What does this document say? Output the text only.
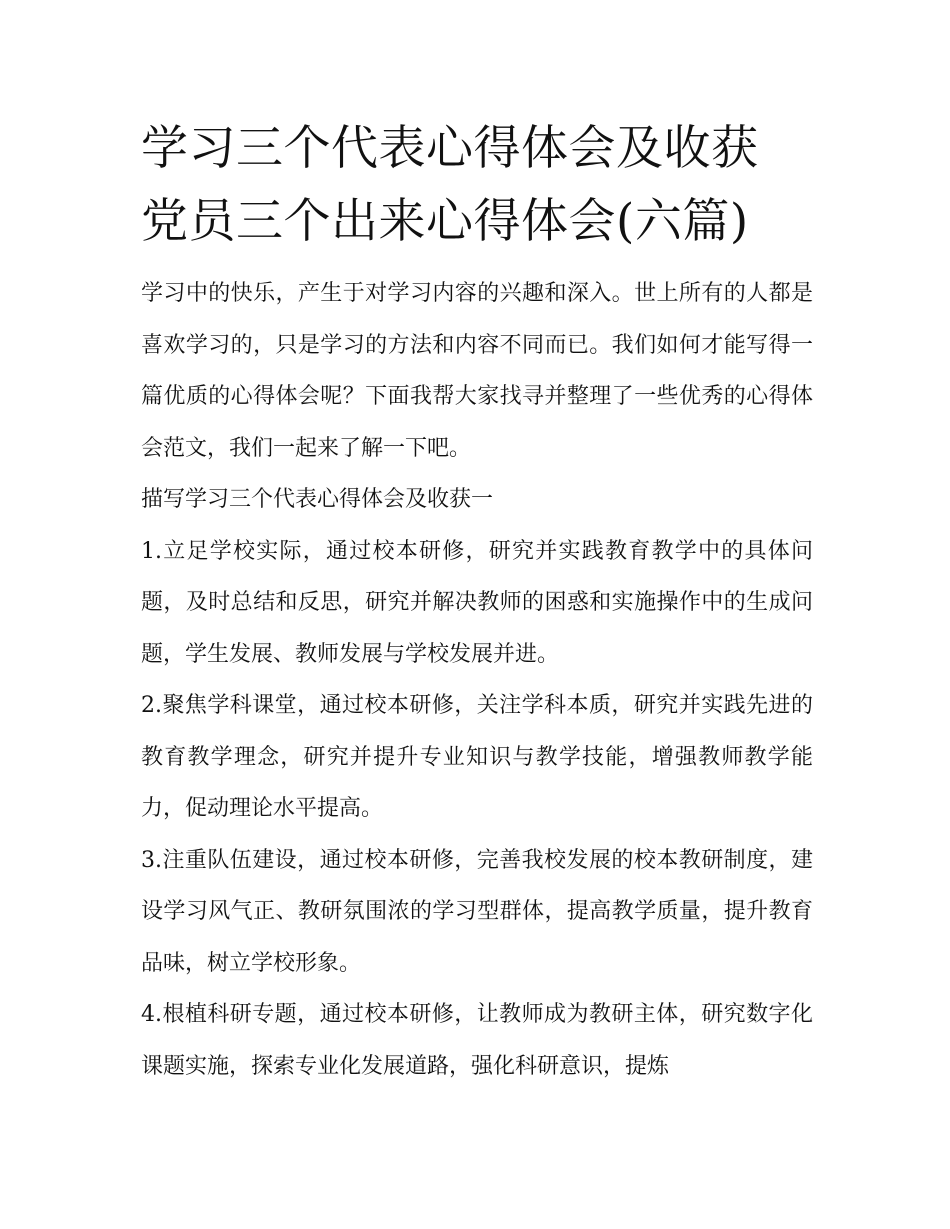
学习三个代表心得体会及收获
党员三个出来心得体会(六篇)

学习中的快乐，产生于对学习内容的兴趣和深入。世上所有的人都是喜欢学习的，只是学习的方法和内容不同而已。我们如何才能写得一篇优质的心得体会呢？下面我帮大家找寻并整理了一些优秀的心得体会范文，我们一起来了解一下吧。

描写学习三个代表心得体会及收获一

1.立足学校实际，通过校本研修，研究并实践教育教学中的具体问题，及时总结和反思，研究并解决教师的困惑和实施操作中的生成问题，学生发展、教师发展与学校发展并进。

2.聚焦学科课堂，通过校本研修，关注学科本质，研究并实践先进的教育教学理念，研究并提升专业知识与教学技能，增强教师教学能力，促动理论水平提高。

3.注重队伍建设，通过校本研修，完善我校发展的校本教研制度，建设学习风气正、教研氛围浓的学习型群体，提高教学质量，提升教育品味，树立学校形象。

4.根植科研专题，通过校本研修，让教师成为教研主体，研究数字化课题实施，探索专业化发展道路，强化科研意识，提炼
